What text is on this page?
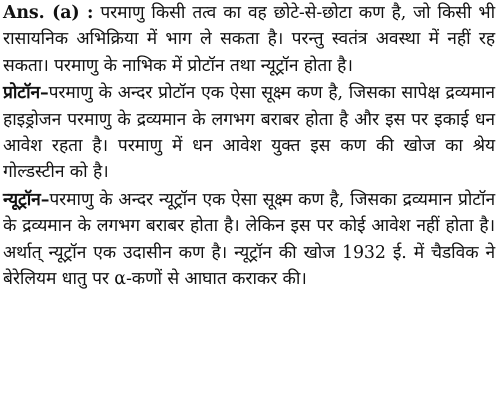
Ans. (a) : परमाणु किसी तत्व का वह छोटे-से-छोटा कण है, जो किसी भी रासायनिक अभिक्रिया में भाग ले सकता है। परन्तु स्वतंत्र अवस्था में नहीं रह सकता। परमाणु के नाभिक में प्रोटॉन तथा न्यूट्रॉन होता है।

प्रोटॉन–परमाणु के अन्दर प्रोटॉन एक ऐसा सूक्ष्म कण है, जिसका सापेक्ष द्रव्यमान हाइड्रोजन परमाणु के द्रव्यमान के लगभग बराबर होता है और इस पर इकाई धन आवेश रहता है। परमाणु में धन आवेश युक्त इस कण की खोज का श्रेय गोल्डस्टीन को है।

न्यूट्रॉन–परमाणु के अन्दर न्यूट्रॉन एक ऐसा सूक्ष्म कण है, जिसका द्रव्यमान प्रोटॉन के द्रव्यमान के लगभग बराबर होता है। लेकिन इस पर कोई आवेश नहीं होता है। अर्थात् न्यूट्रॉन एक उदासीन कण है। न्यूट्रॉन की खोज 1932 ई. में चैडविक ने बेरेलियम धातु पर α-कणों से आघात कराकर की।
